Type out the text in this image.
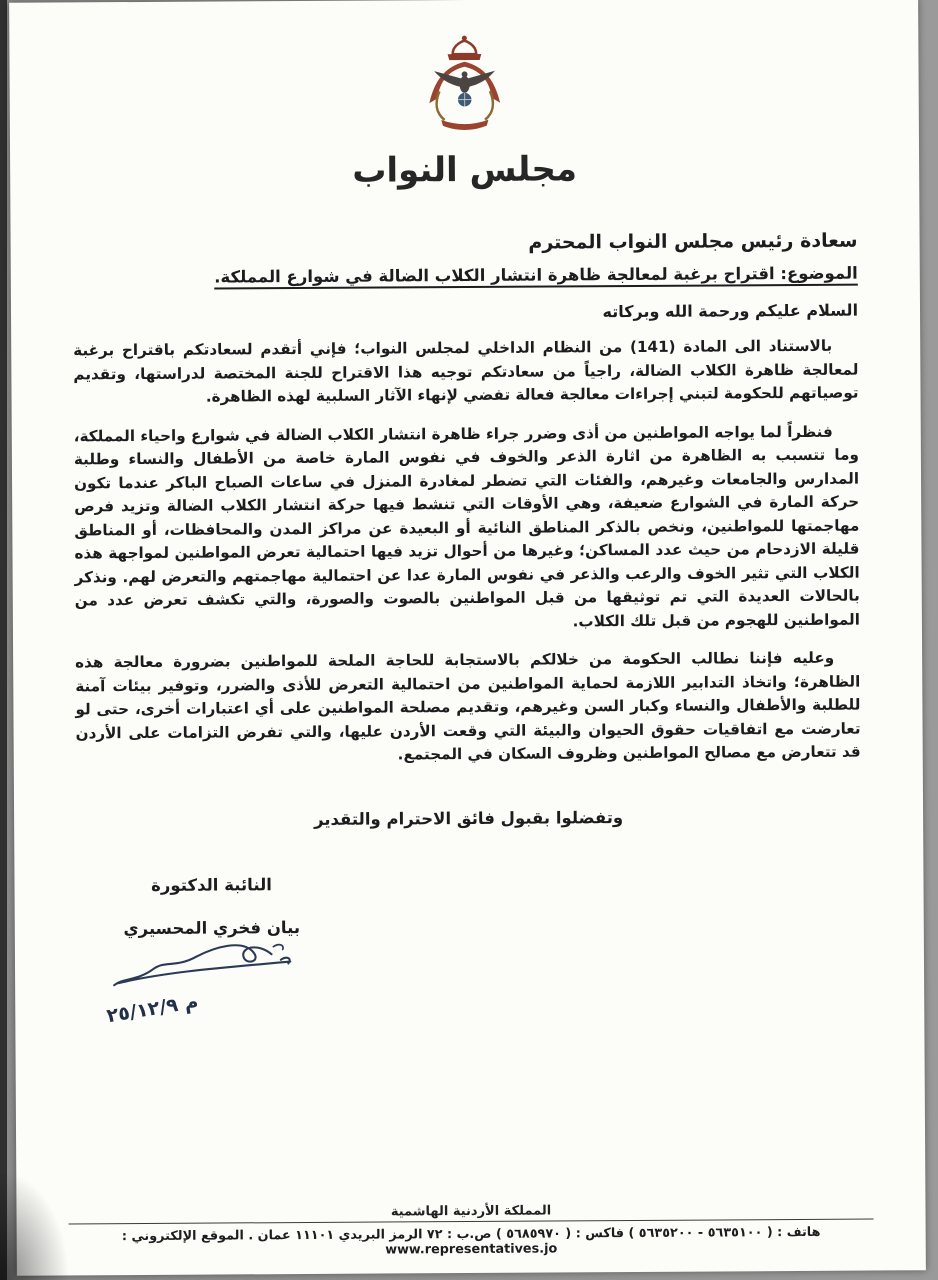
مجلس النواب
سعادة رئيس مجلس النواب المحترم
الموضوع: اقتراح برغبة لمعالجة ظاهرة انتشار الكلاب الضالة في شوارع المملكة.
السلام عليكم ورحمة الله وبركاته

بالاستناد الى المادة (141) من النظام الداخلي لمجلس النواب؛ فإني أتقدم لسعادتكم باقتراح برغبة لمعالجة ظاهرة الكلاب الضالة، راجياً من سعادتكم توجيه هذا الاقتراح للجنة المختصة لدراستها، وتقديم توصياتهم للحكومة لتبني إجراءات معالجة فعالة تفضي لإنهاء الآثار السلبية لهذه الظاهرة.

فنظراً لما يواجه المواطنين من أذى وضرر جراء ظاهرة انتشار الكلاب الضالة في شوارع واحياء المملكة، وما تتسبب به الظاهرة من اثارة الذعر والخوف في نفوس المارة خاصة من الأطفال والنساء وطلبة المدارس والجامعات وغيرهم، والفئات التي تضطر لمغادرة المنزل في ساعات الصباح الباكر عندما تكون حركة المارة في الشوارع ضعيفة، وهي الأوقات التي تنشط فيها حركة انتشار الكلاب الضالة وتزيد فرص مهاجمتها للمواطنين، ونخص بالذكر المناطق النائية أو البعيدة عن مراكز المدن والمحافظات، أو المناطق قليلة الازدحام من حيث عدد المساكن؛ وغيرها من أحوال تزيد فيها احتمالية تعرض المواطنين لمواجهة هذه الكلاب التي تثير الخوف والرعب والذعر في نفوس المارة عدا عن احتمالية مهاجمتهم والتعرض لهم. ونذكر بالحالات العديدة التي تم توثيقها من قبل المواطنين بالصوت والصورة، والتي تكشف تعرض عدد من المواطنين للهجوم من قبل تلك الكلاب.

وعليه فإننا نطالب الحكومة من خلالكم بالاستجابة للحاجة الملحة للمواطنين بضرورة معالجة هذه الظاهرة؛ واتخاذ التدابير اللازمة لحماية المواطنين من احتمالية التعرض للأذى والضرر، وتوفير بيئات آمنة للطلبة والأطفال والنساء وكبار السن وغيرهم، وتقديم مصلحة المواطنين على أي اعتبارات أخرى، حتى لو تعارضت مع اتفاقيات حقوق الحيوان والبيئة التي وقعت الأردن عليها، والتي تفرض التزامات على الأردن قد تتعارض مع مصالح المواطنين وظروف السكان في المجتمع.

وتفضلوا بقبول فائق الاحترام والتقدير
النائبة الدكتورة
بيان فخري المحسيري
م ٢٥/١٢/٩
المملكة الأردنية الهاشمية
هاتف : ( ٥٦٣٥١٠٠ - ٥٦٣٥٢٠٠ ) فاكس : ( ٥٦٨٥٩٧٠ ) ص.ب : ٧٢ الرمز البريدي ١١١٠١ عمان . الموقع الإلكتروني : www.representatives.jo
